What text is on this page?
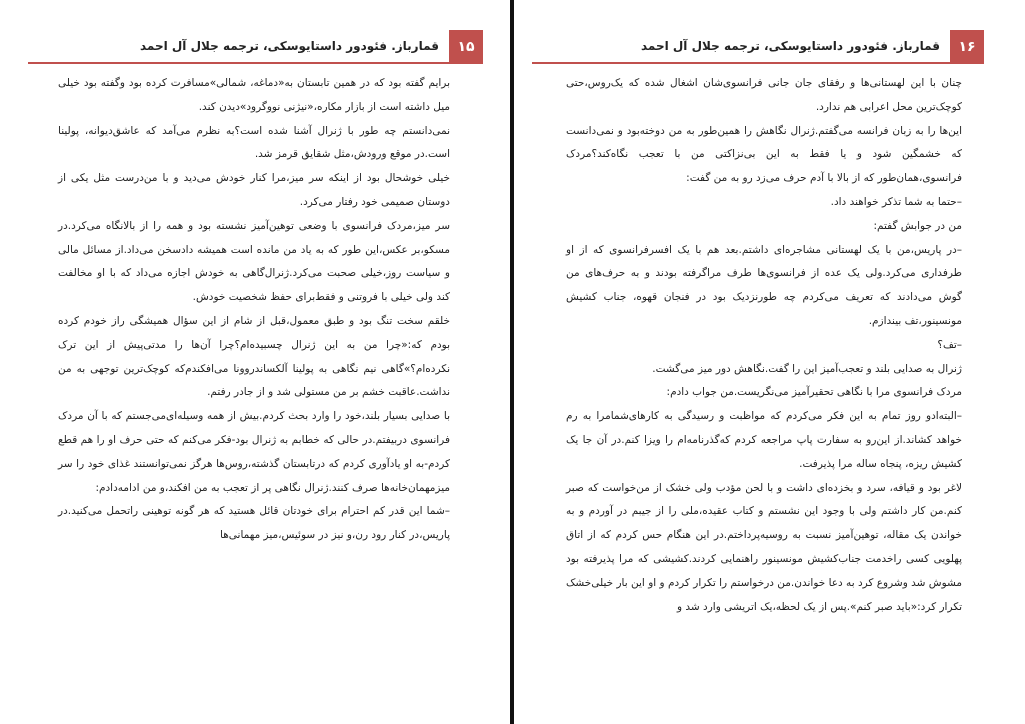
۱۵
قمارباز. فئودور داستایوسکی، ترجمه جلال آل احمد

برایم گفته بود که در همین تابستان به«دماغه، شمالی»مسافرت کرده بود وگفته بود خیلی میل داشته است از بازار مکاره،«نیژنی نووگرود»دیدن کند.

نمی‌دانستم چه طور با ژنرال آشنا شده است؟به نظرم می‌آمد که عاشق‌دیوانه، پولینا است.در موقع ورودش،مثل شقایق قرمز شد.

خیلی خوشحال بود از اینکه سر میز،مرا کنار خودش می‌دید و با من‌درست مثل یکی از دوستان صمیمی خود رفتار می‌کرد.

سر میز،مردک فرانسوی با وضعی توهین‌آمیز نشسته بود و همه را از بالانگاه می‌کرد.در مسکو،بر عکس،این طور که به یاد من مانده است همیشه دادسخن می‌داد.از مسائل مالی و سیاست روز،خیلی صحبت می‌کرد.ژنرال‌گاهی به خودش اجازه می‌داد که با او مخالفت کند ولی خیلی با فروتنی و فقط‌برای حفظ شخصیت خودش.

خلقم سخت تنگ بود و طبق معمول،قبل از شام از این سؤال همیشگی راز خودم کرده بودم که:«چرا من به این ژنرال چسبیده‌ام؟چرا آن‌ها را مدتی‌پیش از این ترک نکرده‌ام؟»گاهی نیم نگاهی به پولینا آلکساندروونا می‌افکندم‌که کوچک‌ترین توجهی به من نداشت.عاقبت خشم بر من مستولی شد و از جادر رفتم.

با صدایی بسیار بلند،خود را وارد بحث کردم.بیش از همه وسیله‌ای‌می‌جستم که با آن مردک فرانسوی دربیفتم.در حالی که خطابم به ژنرال بود-فکر می‌کنم که حتی حرف او را هم قطع کردم-به او یادآوری کردم که درتابستان گذشته،روس‌ها هرگز نمی‌توانستند غذای خود را سر میزمهمان‌خانه‌ها صرف کنند.ژنرال نگاهی پر از تعجب به من افکند،و من ادامه‌دادم:

–شما این قدر کم احترام برای خودتان قائل هستید که هر گونه توهینی راتحمل می‌کنید.در پاریس،در کنار رود رن،و نیز در سوئیس،میز مهمانی‌ها

۱۶
قمارباز. فئودور داستایوسکی، ترجمه جلال آل احمد

چنان با این لهستانی‌ها و رفقای جان جانی فرانسوی‌شان اشغال شده که یک‌روس،حتی کوچک‌ترین محل اعرابی هم ندارد.

این‌ها را به زبان فرانسه می‌گفتم.ژنرال نگاهش را همین‌طور به من دوخته‌بود و نمی‌دانست که خشمگین شود و یا فقط به این بی‌نزاکتی من با تعجب نگاه‌کند؟مردک فرانسوی،همان‌طور که از بالا با آدم حرف می‌زد رو به من گفت:

–حتما به شما تذکر خواهند داد.

من در جوابش گفتم:

–در پاریس،من با یک لهستانی مشاجره‌ای داشتم.بعد هم با یک افسرفرانسوی که از او طرفداری می‌کرد.ولی یک عده از فرانسوی‌ها طرف مراگرفته بودند و به حرف‌های من گوش می‌دادند که تعریف می‌کردم چه طورنزدیک بود در فنجان قهوه، جناب کشیش مونسینور،تف بیندازم.

–تف؟

ژنرال به صدایی بلند و تعجب‌آمیز این را گفت.نگاهش دور میز می‌گشت.

مردک فرانسوی مرا با نگاهی تحقیرآمیز می‌نگریست.من جواب دادم:

–البته‌ادو روز تمام به این فکر می‌کردم که مواظبت و رسیدگی به کارهای‌شمامرا به رم خواهد کشاند.از این‌رو به سفارت پاپ مراجعه کردم که‌گذرنامه‌ام را ویزا کنم.در آن جا یک کشیش ریزه، پنجاه ساله مرا پذیرفت.

لاغر بود و قیافه، سرد و بخزده‌ای داشت و با لحن مؤدب ولی خشک از من‌خواست که صبر کنم.من کار داشتم ولی با وجود این نشستم و کتاب عقیده،ملی را از جیبم در آوردم و به خواندن یک مقاله، توهین‌آمیز نسبت به روسیه‌پرداختم.در این هنگام حس کردم که از اتاق پهلویی کسی راخدمت جناب‌کشیش مونسینور راهنمایی کردند.کشیشی که مرا پذیرفته بود مشوش شد وشروع کرد به دعا خواندن.من درخواستم را تکرار کردم و او این بار خیلی‌خشک تکرار کرد:«باید صبر کنم».پس از یک لحظه،یک اتریشی وارد شد و
